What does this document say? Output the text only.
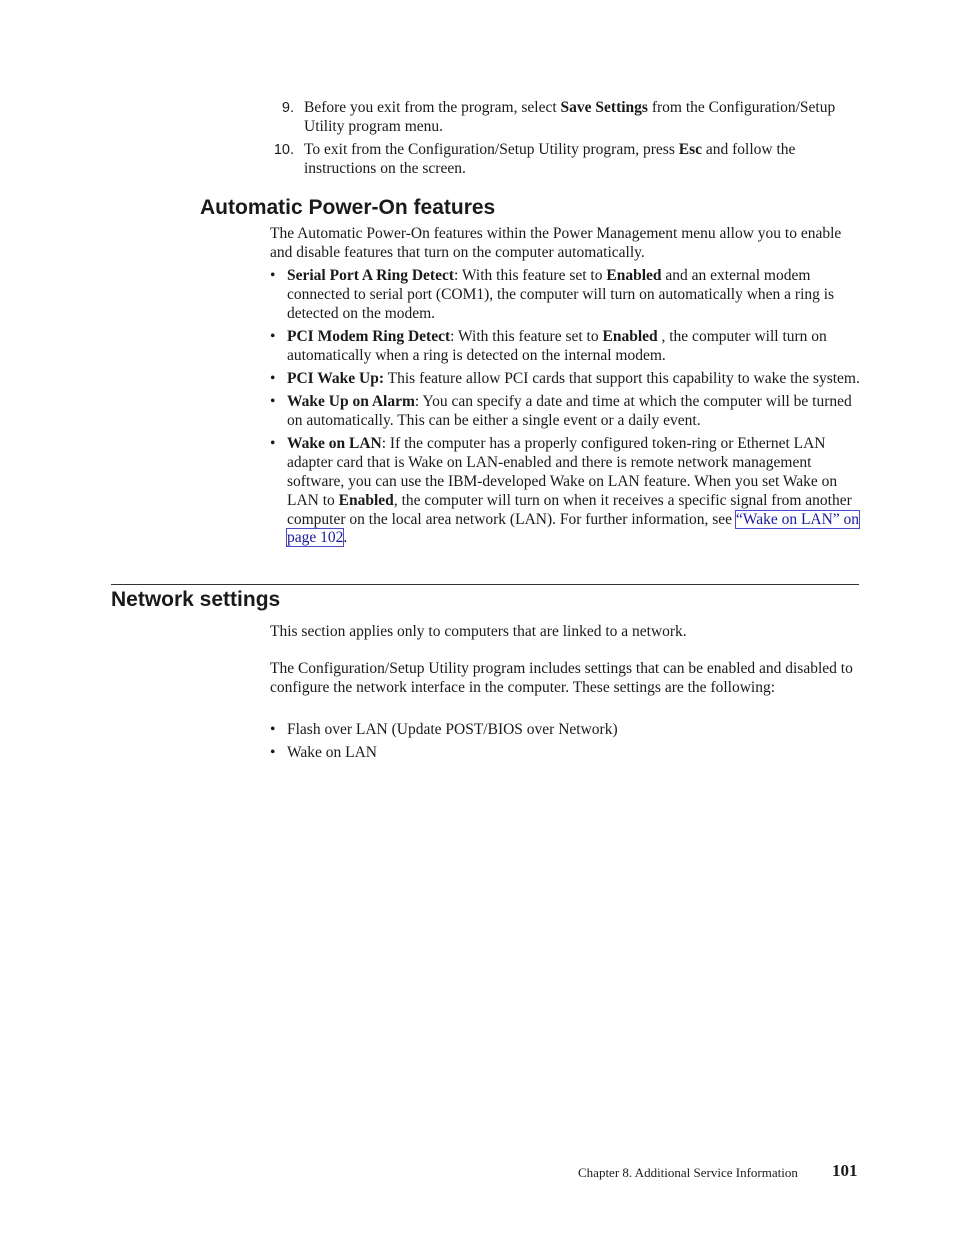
9. Before you exit from the program, select Save Settings from the Configuration/Setup Utility program menu.
10. To exit from the Configuration/Setup Utility program, press Esc and follow the instructions on the screen.
Automatic Power-On features

The Automatic Power-On features within the Power Management menu allow you to enable and disable features that turn on the computer automatically.

• Serial Port A Ring Detect: With this feature set to Enabled and an external modem connected to serial port (COM1), the computer will turn on automatically when a ring is detected on the modem.
• PCI Modem Ring Detect: With this feature set to Enabled , the computer will turn on automatically when a ring is detected on the internal modem.
• PCI Wake Up: This feature allow PCI cards that support this capability to wake the system.
• Wake Up on Alarm: You can specify a date and time at which the computer will be turned on automatically. This can be either a single event or a daily event.
• Wake on LAN: If the computer has a properly configured token-ring or Ethernet LAN adapter card that is Wake on LAN-enabled and there is remote network management software, you can use the IBM-developed Wake on LAN feature. When you set Wake on LAN to Enabled, the computer will turn on when it receives a specific signal from another computer on the local area network (LAN). For further information, see “Wake on LAN” on page 102.
Network settings

This section applies only to computers that are linked to a network.

The Configuration/Setup Utility program includes settings that can be enabled and disabled to configure the network interface in the computer. These settings are the following:

• Flash over LAN (Update POST/BIOS over Network)
• Wake on LAN
Chapter 8. Additional Service Information 101
